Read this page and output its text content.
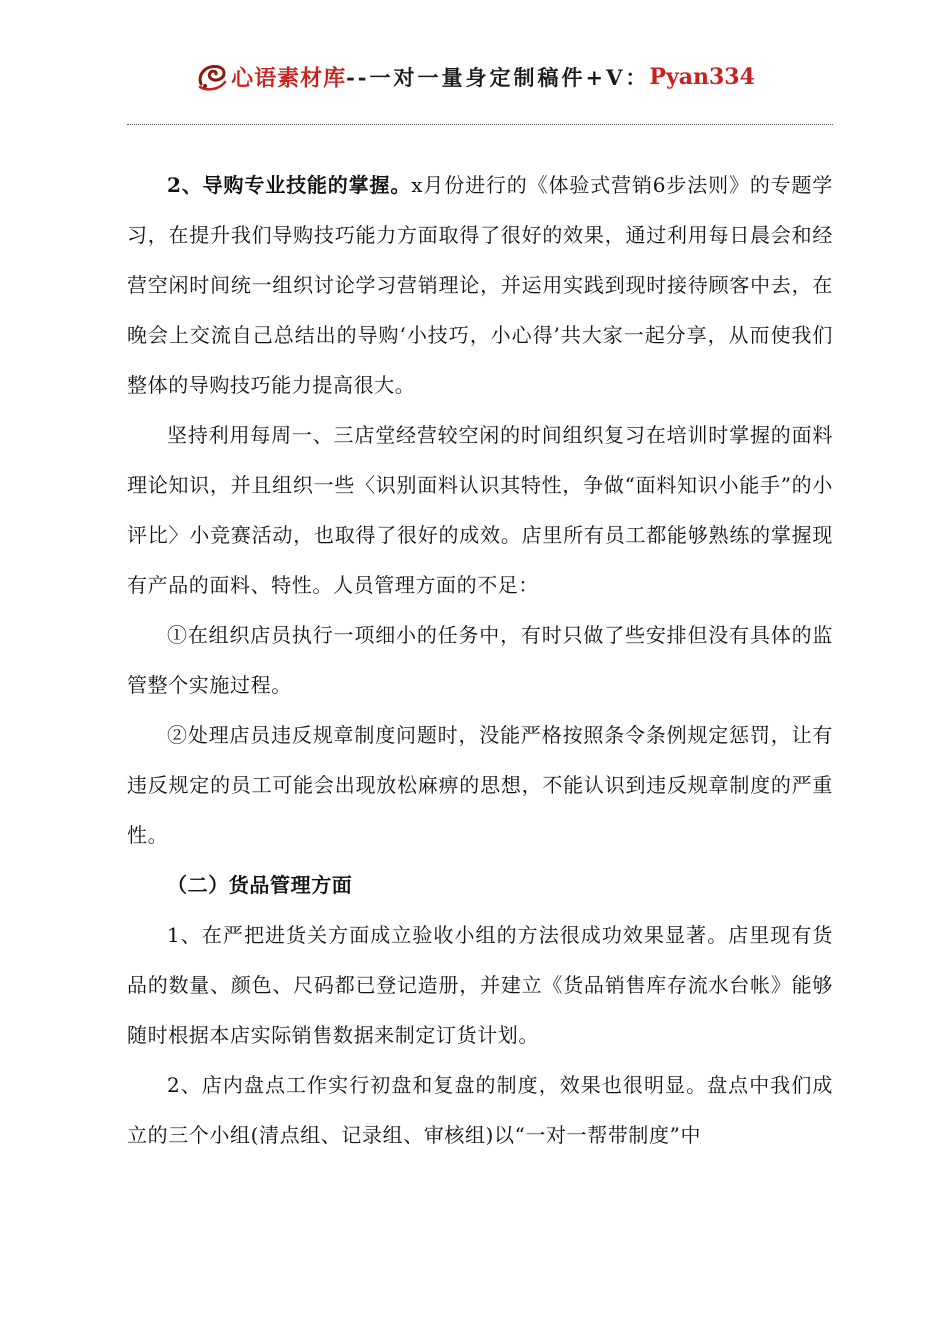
心语素材库--一对一量身定制稿件+V：Pyan334

2、导购专业技能的掌握。x月份进行的《体验式营销6步法则》的专题学习，在提升我们导购技巧能力方面取得了很好的效果，通过利用每日晨会和经营空闲时间统一组织讨论学习营销理论，并运用实践到现时接待顾客中去，在晚会上交流自己总结出的导购‘小技巧，小心得’共大家一起分享，从而使我们整体的导购技巧能力提高很大。

坚持利用每周一、三店堂经营较空闲的时间组织复习在培训时掌握的面料理论知识，并且组织一些〈识别面料认识其特性，争做“面料知识小能手”的小评比〉小竞赛活动，也取得了很好的成效。店里所有员工都能够熟练的掌握现有产品的面料、特性。人员管理方面的不足：

①在组织店员执行一项细小的任务中，有时只做了些安排但没有具体的监管整个实施过程。

②处理店员违反规章制度问题时，没能严格按照条令条例规定惩罚，让有违反规定的员工可能会出现放松麻痹的思想，不能认识到违反规章制度的严重性。

（二）货品管理方面

1、在严把进货关方面成立验收小组的方法很成功效果显著。店里现有货品的数量、颜色、尺码都已登记造册，并建立《货品销售库存流水台帐》能够随时根据本店实际销售数据来制定订货计划。

2、店内盘点工作实行初盘和复盘的制度，效果也很明显。盘点中我们成立的三个小组(清点组、记录组、审核组)以“一对一帮带制度”中
